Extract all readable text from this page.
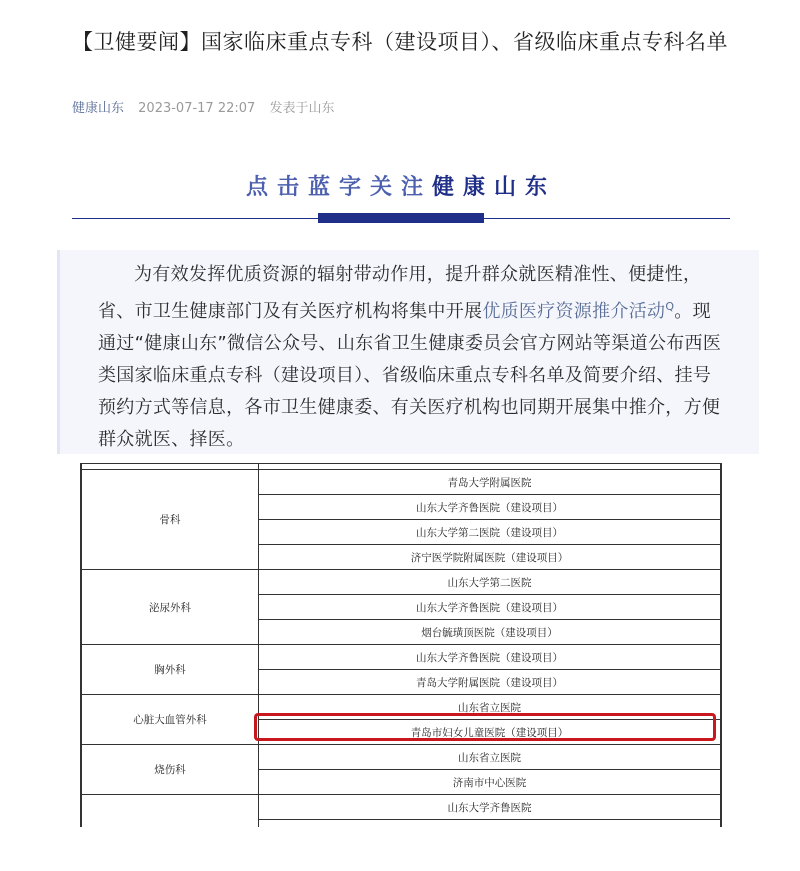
【卫健要闻】国家临床重点专科（建设项目）、省级临床重点专科名单
健康山东 2023-07-17 22:07 发表于山东
点击蓝字关注健康山东

为有效发挥优质资源的辐射带动作用，提升群众就医精准性、便捷性，省、市卫生健康部门及有关医疗机构将集中开展优质医疗资源推介活动$^Q$。现通过“健康山东”微信公众号、山东省卫生健康委员会官方网站等渠道公布西医类国家临床重点专科（建设项目）、省级临床重点专科名单及简要介绍、挂号预约方式等信息，各市卫生健康委、有关医疗机构也同期开展集中推介，方便群众就医、择医。

骨科	青岛大学附属医院
	山东大学齐鲁医院（建设项目）
	山东大学第二医院（建设项目）
	济宁医学院附属医院（建设项目）
泌尿外科	山东大学第二医院
	山东大学齐鲁医院（建设项目）
	烟台毓璜顶医院（建设项目）
胸外科	山东大学齐鲁医院（建设项目）
	青岛大学附属医院（建设项目）
心脏大血管外科	山东省立医院
	青岛市妇女儿童医院（建设项目）
烧伤科	山东省立医院
	济南市中心医院
	山东大学齐鲁医院
